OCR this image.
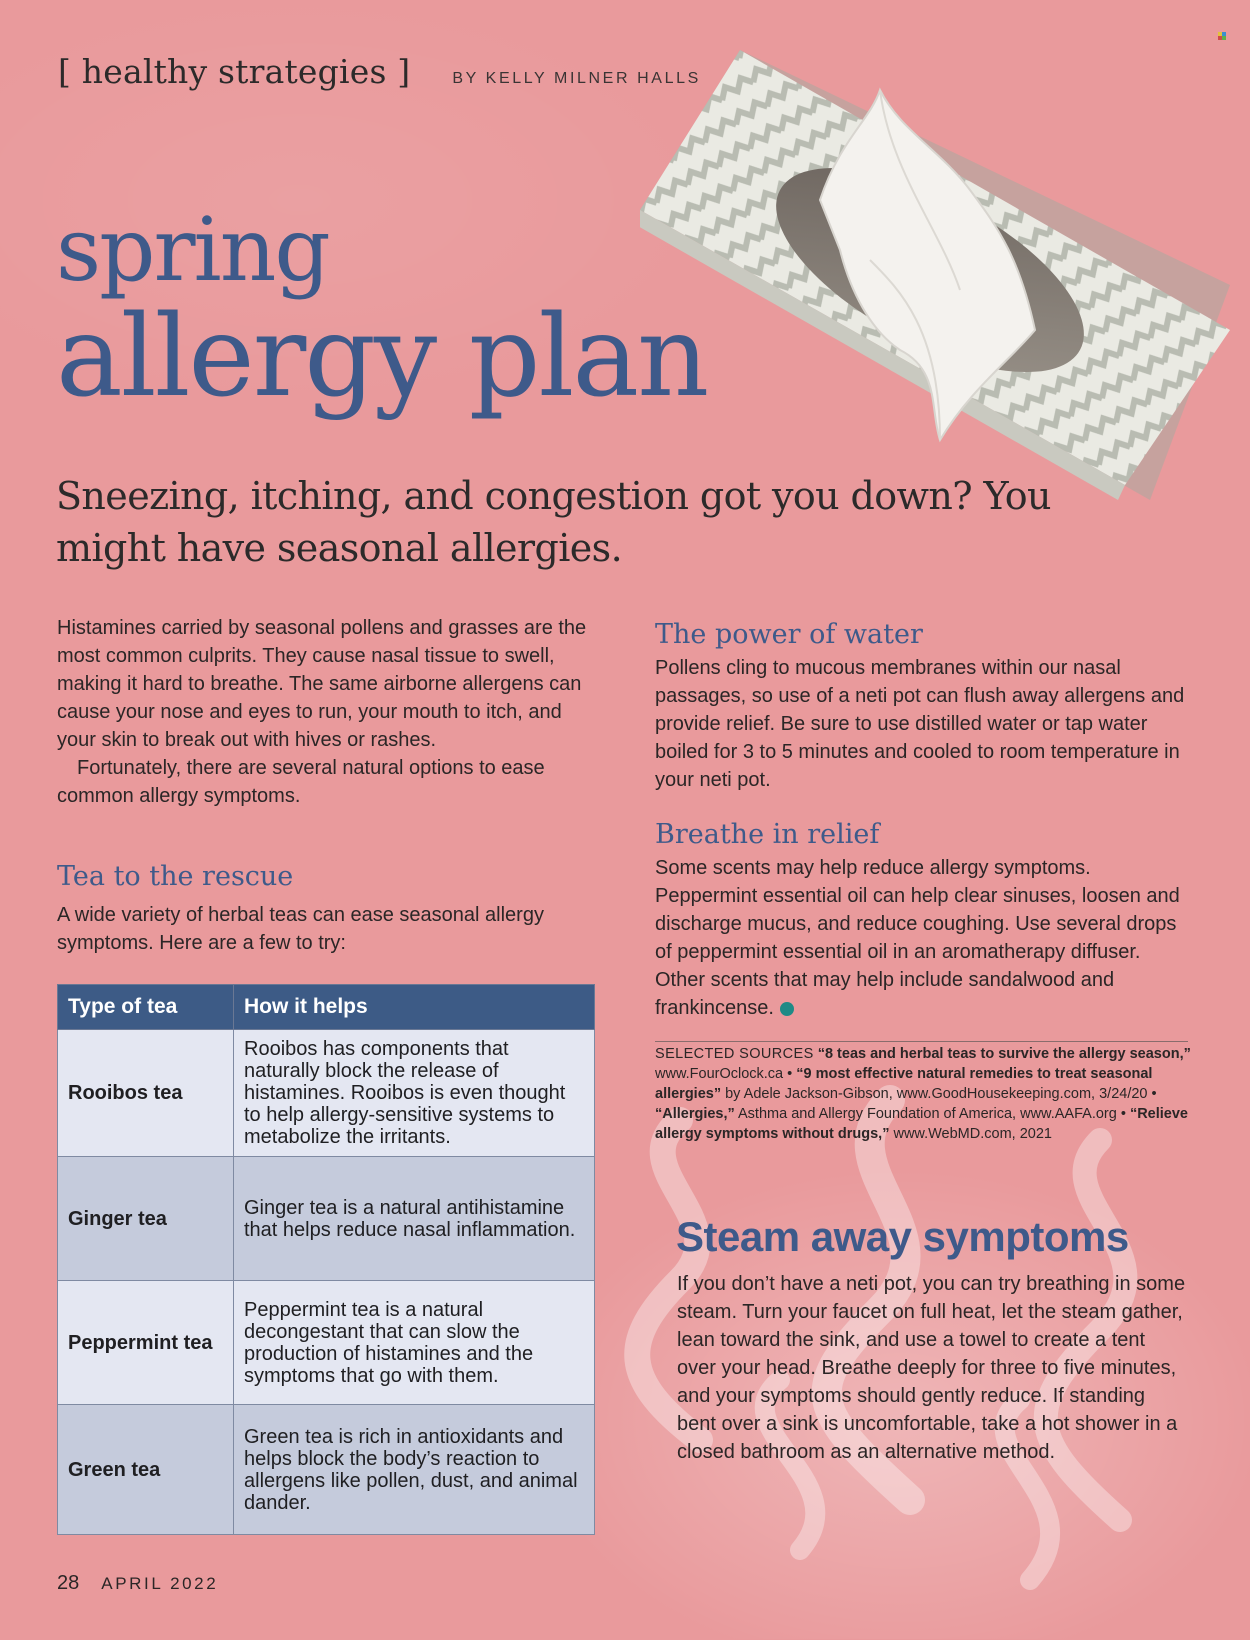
[ healthy strategies ]	BY KELLY MILNER HALLS
spring
allergy plan

Sneezing, itching, and congestion got you down? You might have seasonal allergies.

Histamines carried by seasonal pollens and grasses are the most common culprits. They cause nasal tissue to swell, making it hard to breathe. The same airborne allergens can cause your nose and eyes to run, your mouth to itch, and your skin to break out with hives or rashes.

Fortunately, there are several natural options to ease common allergy symptoms.

Tea to the rescue

A wide variety of herbal teas can ease seasonal allergy symptoms. Here are a few to try:

Type of tea	How it helps
Rooibos tea	Rooibos has components that naturally block the release of histamines. Rooibos is even thought to help allergy-sensitive systems to metabolize the irritants.
Ginger tea	Ginger tea is a natural antihistamine that helps reduce nasal inflammation.
Peppermint tea	Peppermint tea is a natural decongestant that can slow the production of histamines and the symptoms that go with them.
Green tea	Green tea is rich in antioxidants and helps block the body’s reaction to allergens like pollen, dust, and animal dander.
The power of water

Pollens cling to mucous membranes within our nasal passages, so use of a neti pot can flush away allergens and provide relief. Be sure to use distilled water or tap water boiled for 3 to 5 minutes and cooled to room temperature in your neti pot.

Breathe in relief

Some scents may help reduce allergy symptoms. Peppermint essential oil can help clear sinuses, loosen and discharge mucus, and reduce coughing. Use several drops of peppermint essential oil in an aromatherapy diffuser. Other scents that may help include sandalwood and frankincense.

SELECTED SOURCES “8 teas and herbal teas to survive the allergy season,” www.FourOclock.ca • “9 most effective natural remedies to treat seasonal allergies” by Adele Jackson-Gibson, www.GoodHousekeeping.com, 3/24/20 • “Allergies,” Asthma and Allergy Foundation of America, www.AAFA.org • “Relieve allergy symptoms without drugs,” www.WebMD.com, 2021

Steam away symptoms

If you don’t have a neti pot, you can try breathing in some steam. Turn your faucet on full heat, let the steam gather, lean toward the sink, and use a towel to create a tent over your head. Breathe deeply for three to five minutes, and your symptoms should gently reduce. If standing bent over a sink is uncomfortable, take a hot shower in a closed bathroom as an alternative method.

28 APRIL 2022
